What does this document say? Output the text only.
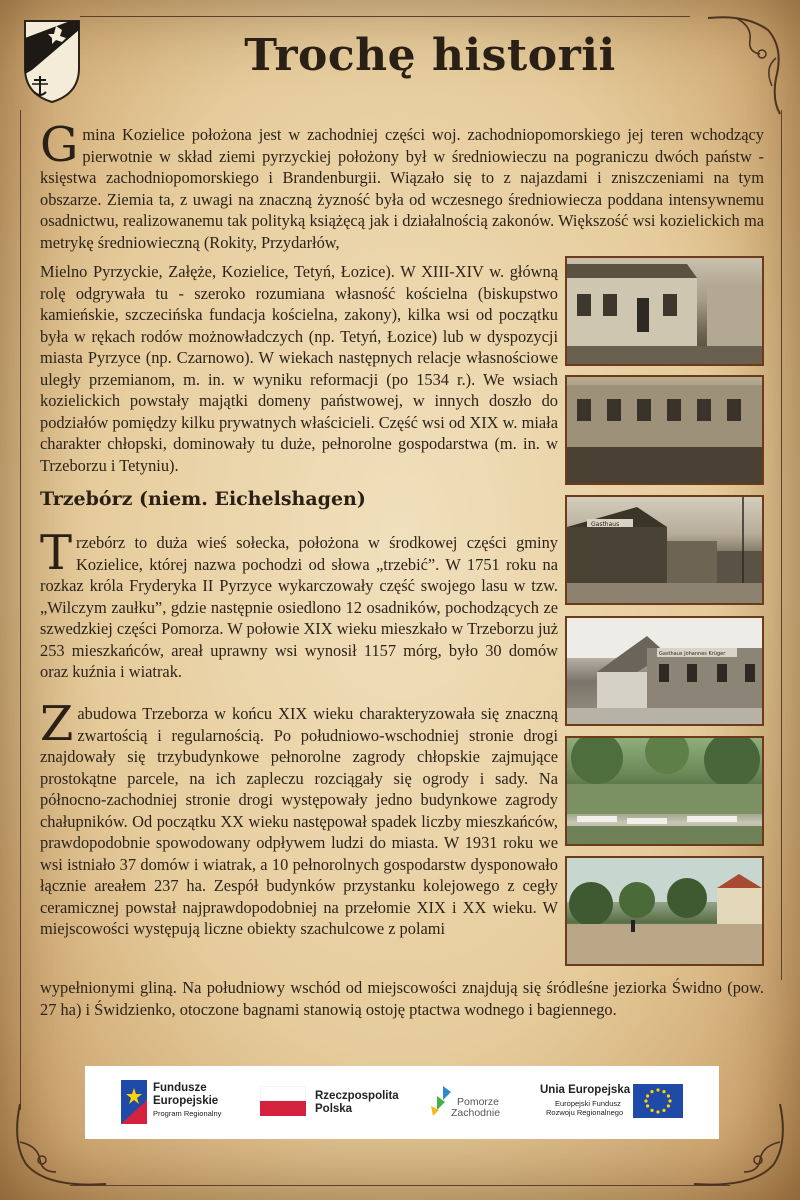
Trochę historii
Gmina Kozielice położona jest w zachodniej części woj. zachodniopomorskiego jej teren wchodzący pierwotnie w skład ziemi pyrzyckiej położony był w średniowieczu na pograniczu dwóch państw -księstwa zachodniopomorskiego i Brandenburgii. Wiązało się to z najazdami i zniszczeniami na tym obszarze. Ziemia ta, z uwagi na znaczną żyzność była od wczesnego średniowiecza poddana intensywnemu osadnictwu, realizowanemu tak polityką książęcą jak i działalnością zakonów. Większość wsi kozielickich ma metrykę średniowieczną (Rokity, Przydarłów,
Mielno Pyrzyckie, Załęże, Kozielice, Tetyń, Łozice). W XIII-XIV w. główną rolę odgrywała tu - szeroko rozumiana własność kościelna (biskupstwo kamieńskie, szczecińska fundacja kościelna, zakony), kilka wsi od początku była w rękach rodów możnowładczych (np. Tetyń, Łozice) lub w dyspozycji miasta Pyrzyce (np. Czarnowo). W wiekach następnych relacje własnościowe uległy przemianom, m. in. w wyniku reformacji (po 1534 r.). We wsiach kozielickich powstały majątki domeny państwowej, w innych doszło do podziałów pomiędzy kilku prywatnych właścicieli. Część wsi od XIX w. miała charakter chłopski, dominowały tu duże, pełnorolne gospodarstwa (m. in. w Trzeborzu i Tetyniu).
Trzebórz (niem. Eichelshagen)
Trzebórz to duża wieś sołecka, położona w środkowej części gminy Kozielice, której nazwa pochodzi od słowa „trzebić”. W 1751 roku na rozkaz króla Fryderyka II Pyrzyce wykarczowały część swojego lasu w tzw. „Wilczym zaułku”, gdzie następnie osiedlono 12 osadników, pochodzących ze szwedzkiej części Pomorza. W połowie XIX wieku mieszkało w Trzeborzu już 253 mieszkańców, areał uprawny wsi wynosił 1157 mórg, było 30 domów oraz kuźnia i wiatrak.
Zabudowa Trzeborza w końcu XIX wieku charakteryzowała się znaczną zwartością i regularnością. Po południowo-wschodniej stronie drogi znajdowały się trzybudynkowe pełnorolne zagrody chłopskie zajmujące prostokątne parcele, na ich zapleczu rozciągały się ogrody i sady. Na północno-zachodniej stronie drogi występowały jedno budynkowe zagrody chałupników. Od początku XX wieku następował spadek liczby mieszkańców, prawdopodobnie spowodowany odpływem ludzi do miasta. W 1931 roku we wsi istniało 37 domów i wiatrak, a 10 pełnorolnych gospodarstw dysponowało łącznie areałem 237 ha. Zespół budynków przystanku kolejowego z cegły ceramicznej powstał najprawdopodobniej na przełomie XIX i XX wieku. W miejscowości występują liczne obiekty szachulcowe z polami
wypełnionymi gliną. Na południowy wschód od miejscowości znajdują się śródleśne jeziorka Świdno (pow. 27 ha) i Świdzienko, otoczone bagnami stanowią ostoję ptactwa wodnego i bagiennego.
Gasthaus
Gasthaus Johannes Krüger
Fundusze
Europejskie
Program Regionalny
Rzeczpospolita
Polska
Pomorze
Zachodnie
Unia Europejska
Europejski Fundusz
Rozwoju Regionalnego
